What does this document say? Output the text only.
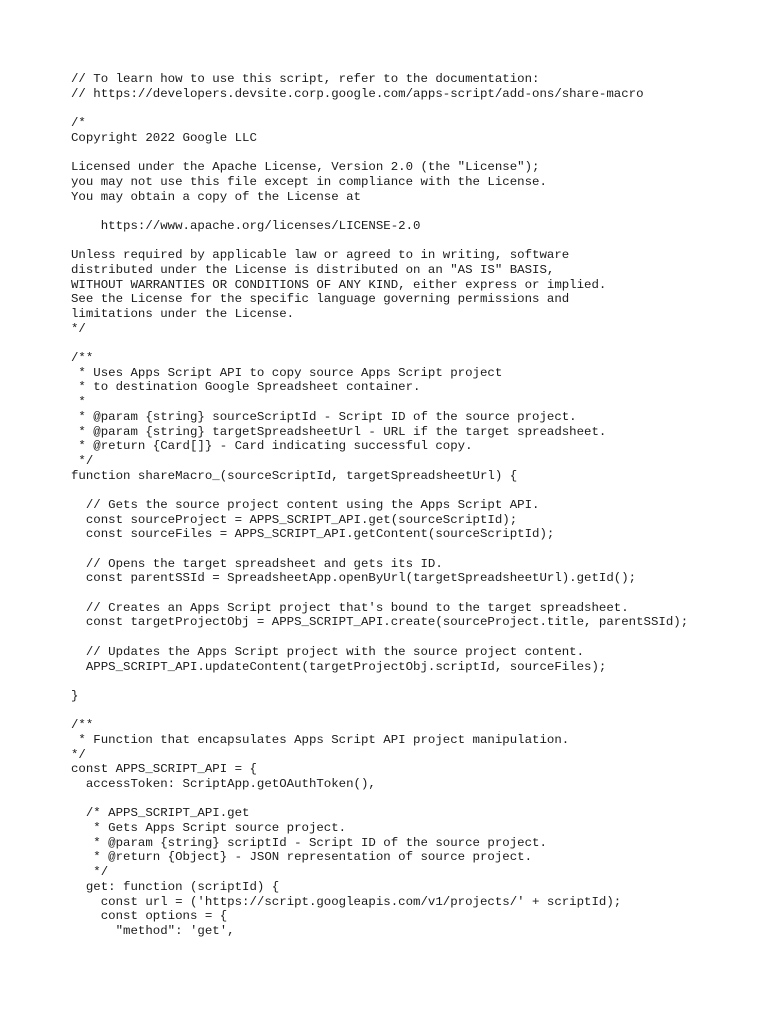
// To learn how to use this script, refer to the documentation:
// https://developers.devsite.corp.google.com/apps-script/add-ons/share-macro
/*
Copyright 2022 Google LLC
Licensed under the Apache License, Version 2.0 (the "License");
you may not use this file except in compliance with the License.
You may obtain a copy of the License at
https://www.apache.org/licenses/LICENSE-2.0
Unless required by applicable law or agreed to in writing, software
distributed under the License is distributed on an "AS IS" BASIS,
WITHOUT WARRANTIES OR CONDITIONS OF ANY KIND, either express or implied.
See the License for the specific language governing permissions and
limitations under the License.
*/
/**
* Uses Apps Script API to copy source Apps Script project
* to destination Google Spreadsheet container.
*
* @param {string} sourceScriptId - Script ID of the source project.
* @param {string} targetSpreadsheetUrl - URL if the target spreadsheet.
* @return {Card[]} - Card indicating successful copy.
*/
function shareMacro_(sourceScriptId, targetSpreadsheetUrl) {
// Gets the source project content using the Apps Script API.
const sourceProject = APPS_SCRIPT_API.get(sourceScriptId);
const sourceFiles = APPS_SCRIPT_API.getContent(sourceScriptId);
// Opens the target spreadsheet and gets its ID.
const parentSSId = SpreadsheetApp.openByUrl(targetSpreadsheetUrl).getId();
// Creates an Apps Script project that's bound to the target spreadsheet.
const targetProjectObj = APPS_SCRIPT_API.create(sourceProject.title, parentSSId);
// Updates the Apps Script project with the source project content.
APPS_SCRIPT_API.updateContent(targetProjectObj.scriptId, sourceFiles);
}
/**
* Function that encapsulates Apps Script API project manipulation.
*/
const APPS_SCRIPT_API = {
accessToken: ScriptApp.getOAuthToken(),
/* APPS_SCRIPT_API.get
* Gets Apps Script source project.
* @param {string} scriptId - Script ID of the source project.
* @return {Object} - JSON representation of source project.
*/
get: function (scriptId) {
const url = ('https://script.googleapis.com/v1/projects/' + scriptId);
const options = {
"method": 'get',
